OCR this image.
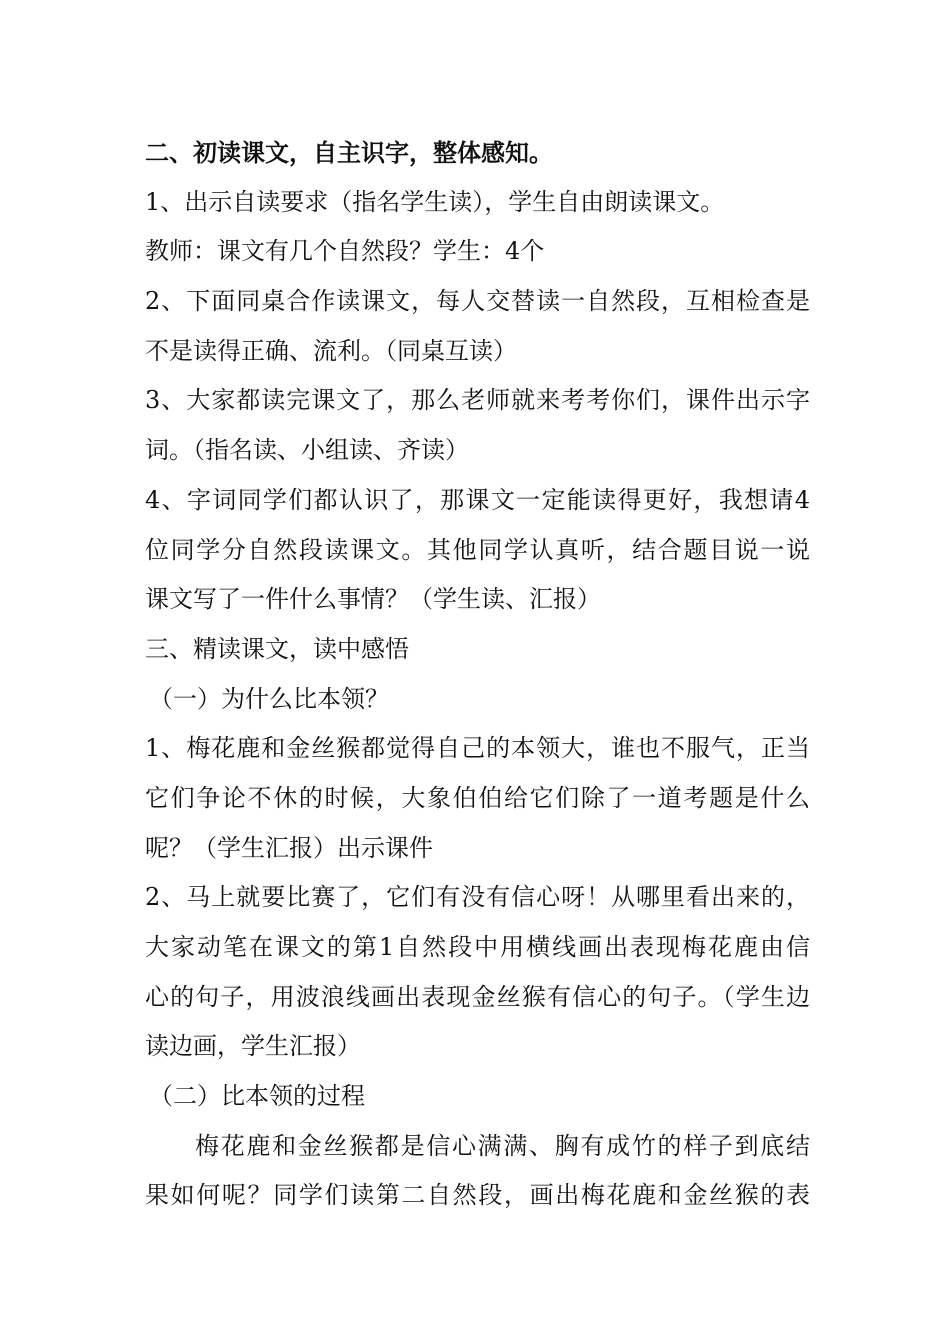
二、初读课文，自主识字，整体感知。
1、出示自读要求（指名学生读），学生自由朗读课文。
教师：课文有几个自然段？学生：4个
2、下面同桌合作读课文，每人交替读一自然段，互相检查是
不是读得正确、流利。（同桌互读）
3、大家都读完课文了，那么老师就来考考你们，课件出示字
词。（指名读、小组读、齐读）
4、字词同学们都认识了，那课文一定能读得更好，我想请4
位同学分自然段读课文。其他同学认真听，结合题目说一说
课文写了一件什么事情？（学生读、汇报）
三、精读课文，读中感悟
（一）为什么比本领？
1、梅花鹿和金丝猴都觉得自己的本领大，谁也不服气，正当
它们争论不休的时候，大象伯伯给它们除了一道考题是什么
呢？（学生汇报）出示课件
2、马上就要比赛了，它们有没有信心呀！从哪里看出来的，
大家动笔在课文的第1自然段中用横线画出表现梅花鹿由信
心的句子，用波浪线画出表现金丝猴有信心的句子。（学生边
读边画，学生汇报）
（二）比本领的过程
梅花鹿和金丝猴都是信心满满、胸有成竹的样子到底结
果如何呢？同学们读第二自然段，画出梅花鹿和金丝猴的表
